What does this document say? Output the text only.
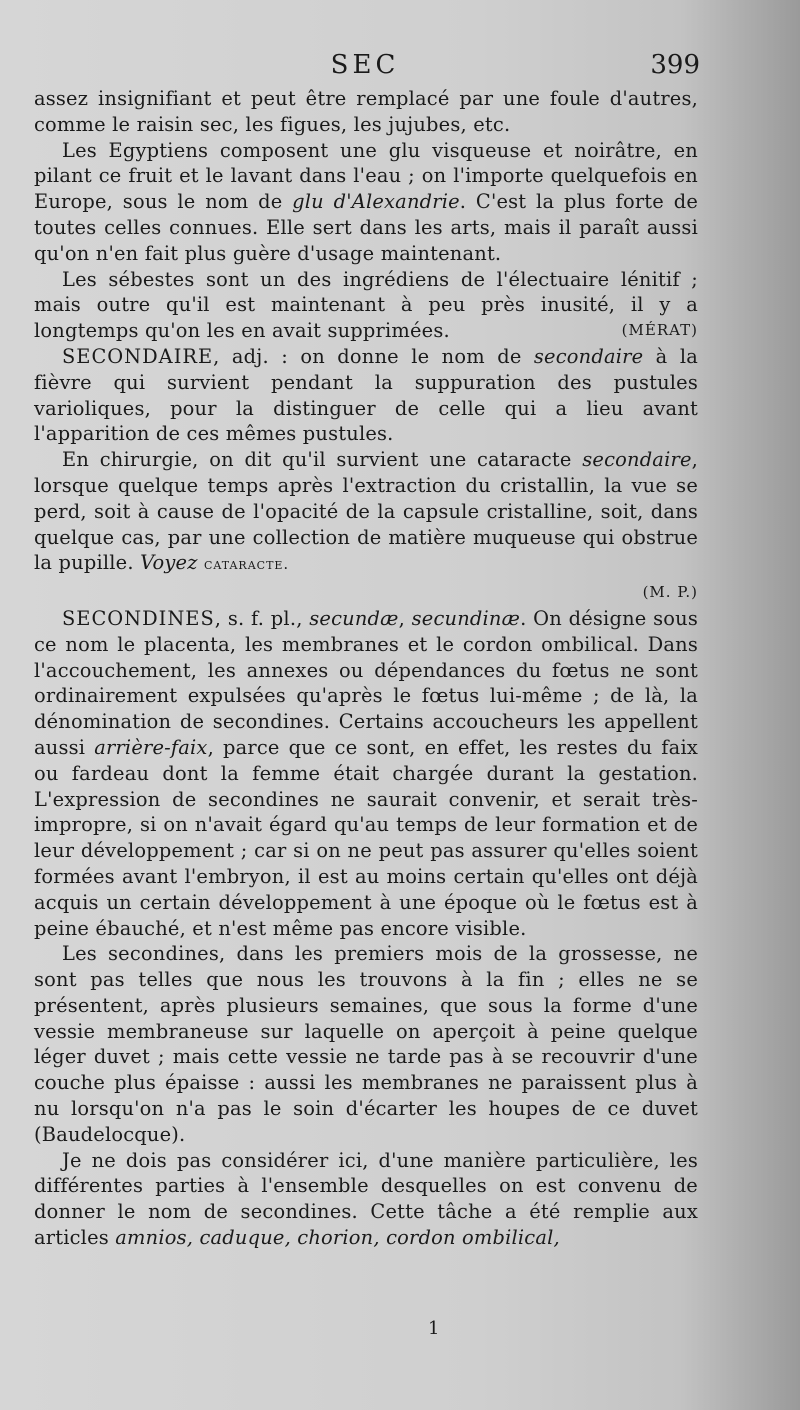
SEC	399

assez insignifiant et peut être remplacé par une foule d'autres, comme le raisin sec, les figues, les jujubes, etc.

Les Egyptiens composent une glu visqueuse et noirâtre, en pilant ce fruit et le lavant dans l'eau ; on l'importe quelquefois en Europe, sous le nom de glu d'Alexandrie. C'est la plus forte de toutes celles connues. Elle sert dans les arts, mais il paraît aussi qu'on n'en fait plus guère d'usage maintenant.

Les sébestes sont un des ingrédiens de l'électuaire lénitif ; mais outre qu'il est maintenant à peu près inusité, il y a longtemps qu'on les en avait supprimées.	(MÉRAT)

SECONDAIRE, adj. : on donne le nom de secondaire à la fièvre qui survient pendant la suppuration des pustules varioliques, pour la distinguer de celle qui a lieu avant l'apparition de ces mêmes pustules.

En chirurgie, on dit qu'il survient une cataracte secondaire, lorsque quelque temps après l'extraction du cristallin, la vue se perd, soit à cause de l'opacité de la capsule cristalline, soit, dans quelque cas, par une collection de matière muqueuse qui obstrue la pupille. Voyez cataracte.
(M. P.)

SECONDINES, s. f. pl., secundæ, secundinæ. On désigne sous ce nom le placenta, les membranes et le cordon ombilical. Dans l'accouchement, les annexes ou dépendances du fœtus ne sont ordinairement expulsées qu'après le fœtus lui-même ; de là, la dénomination de secondines. Certains accoucheurs les appellent aussi arrière-faix, parce que ce sont, en effet, les restes du faix ou fardeau dont la femme était chargée durant la gestation. L'expression de secondines ne saurait convenir, et serait très-impropre, si on n'avait égard qu'au temps de leur formation et de leur développement ; car si on ne peut pas assurer qu'elles soient formées avant l'embryon, il est au moins certain qu'elles ont déjà acquis un certain développement à une époque où le fœtus est à peine ébauché, et n'est même pas encore visible.

Les secondines, dans les premiers mois de la grossesse, ne sont pas telles que nous les trouvons à la fin ; elles ne se présentent, après plusieurs semaines, que sous la forme d'une vessie membraneuse sur laquelle on aperçoit à peine quelque léger duvet ; mais cette vessie ne tarde pas à se recouvrir d'une couche plus épaisse : aussi les membranes ne paraissent plus à nu lorsqu'on n'a pas le soin d'écarter les houpes de ce duvet (Baudelocque).

Je ne dois pas considérer ici, d'une manière particulière, les différentes parties à l'ensemble desquelles on est convenu de donner le nom de secondines. Cette tâche a été remplie aux articles amnios, caduque, chorion, cordon ombilical,

1
